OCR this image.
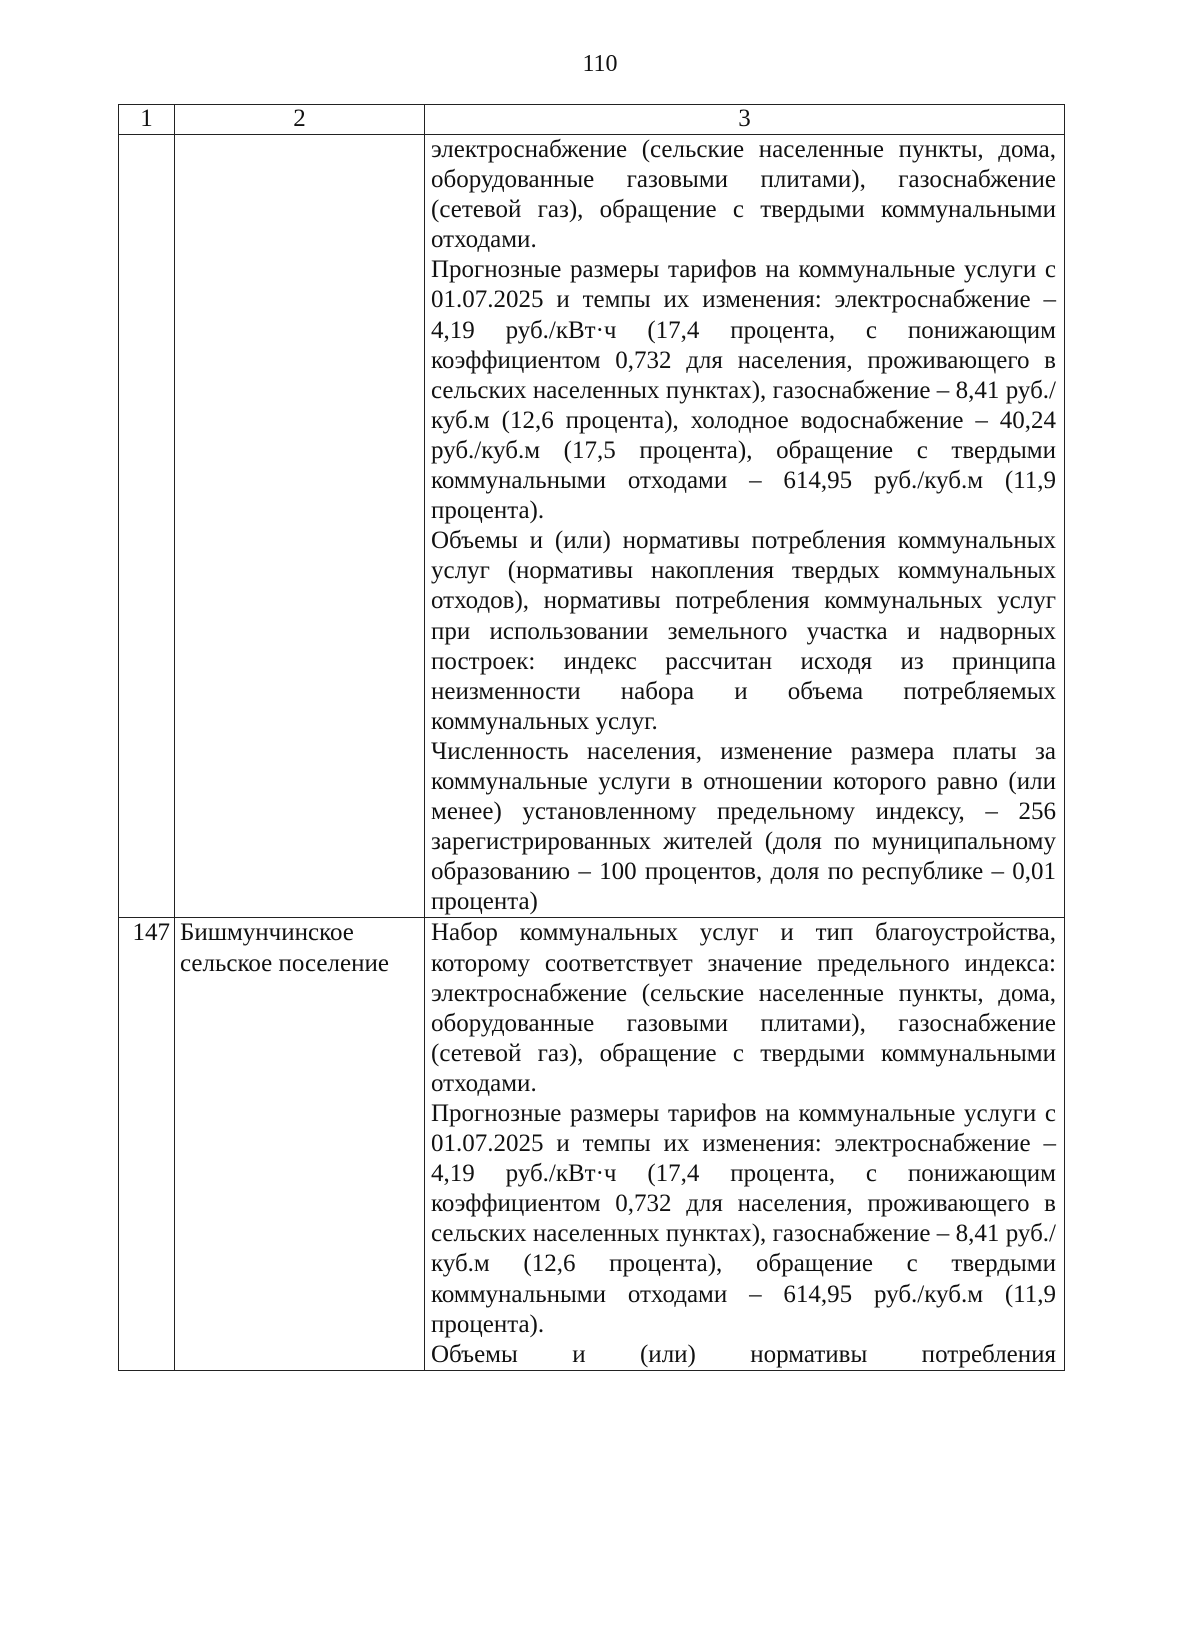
110
1	2	3

		электроснабжение (сельские населенные пункты, дома, оборудованные газовыми плитами), газоснабжение (сетевой газ), обращение с твердыми коммунальными отходами.

Прогнозные размеры тарифов на коммунальные услуги с 01.07.2025 и темпы их изменения: электроснабжение – 4,19 руб./кВт·ч (17,4 процента, с понижающим коэффициентом 0,732 для населения, проживающего в сельских населенных пунктах), газоснабжение – 8,41 руб./куб.м (12,6 процента), холодное водоснабжение – 40,24 руб./куб.м (17,5 процента), обращение с твердыми коммунальными отходами – 614,95 руб./куб.м (11,9 процента).

Объемы и (или) нормативы потребления коммунальных услуг (нормативы накопления твердых коммунальных отходов), нормативы потребления коммунальных услуг при использовании земельного участка и надворных построек: индекс рассчитан исходя из принципа неизменности набора и объема потребляемых коммунальных услуг.

Численность населения, изменение размера платы за коммунальные услуги в отношении которого равно (или менее) установленному предельному индексу, – 256 зарегистрированных жителей (доля по муниципальному образованию – 100 процентов, доля по республике – 0,01 процента)

147	Бишмунчинское сельское поселение	Набор коммунальных услуг и тип благоустройства, которому соответствует значение предельного индекса: электроснабжение (сельские населенные пункты, дома, оборудованные газовыми плитами), газоснабжение (сетевой газ), обращение с твердыми коммунальными отходами.

Прогнозные размеры тарифов на коммунальные услуги с 01.07.2025 и темпы их изменения: электроснабжение – 4,19 руб./кВт·ч (17,4 процента, с понижающим коэффициентом 0,732 для населения, проживающего в сельских населенных пунктах), газоснабжение – 8,41 руб./куб.м (12,6 процента), обращение с твердыми коммунальными отходами – 614,95 руб./куб.м (11,9 процента).

Объемы и (или) нормативы потребления
